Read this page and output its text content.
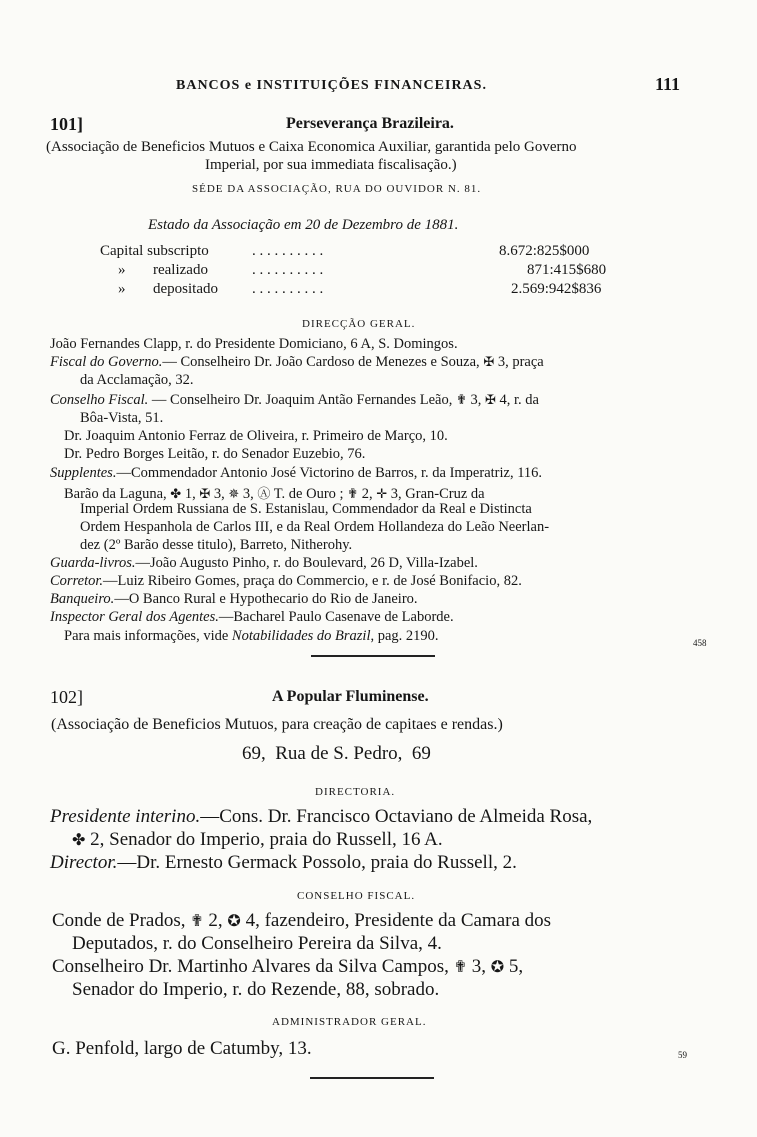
BANCOS e INSTITUIÇÕES FINANCEIRAS.	111
101]	Perseverança Brazileira.
(Associação de Beneficios Mutuos e Caixa Economica Auxiliar, garantida pelo Governo
Imperial, por sua immediata fiscalisação.)
SÉDE DA ASSOCIAÇÃO, RUA DO OUVIDOR N. 81.
Estado da Associação em 20 de Dezembro de 1881.
Capital subscripto	. . . . . . . . . .	8.672:825$000
» realizado	. . . . . . . . . .	871:415$680
» depositado . . . . . . . . . .	2.569:942$836
DIRECÇÃO GERAL.
João Fernandes Clapp, r. do Presidente Domiciano, 6 A, S. Domingos.
Fiscal do Governo.— Conselheiro Dr. João Cardoso de Menezes e Souza, ✠ 3, praça
da Acclamação, 32.
Conselho Fiscal. — Conselheiro Dr. Joaquim Antão Fernandes Leão, ✟ 3, ✠ 4, r. da
Bôa-Vista, 51.
Dr. Joaquim Antonio Ferraz de Oliveira, r. Primeiro de Março, 10.
Dr. Pedro Borges Leitão, r. do Senador Euzebio, 76.
Supplentes.—Commendador Antonio José Victorino de Barros, r. da Imperatriz, 116.
Barão da Laguna, ✤ 1, ✠ 3, ✵ 3, Ⓐ T. de Ouro ; ✟ 2, ✛ 3, Gran-Cruz da
Imperial Ordem Russiana de S. Estanislau, Commendador da Real e Distincta
Ordem Hespanhola de Carlos III, e da Real Ordem Hollandeza do Leão Neerlan-
dez (2º Barão desse titulo), Barreto, Nitherohy.
Guarda-livros.—João Augusto Pinho, r. do Boulevard, 26 D, Villa-Izabel.
Corretor.—Luiz Ribeiro Gomes, praça do Commercio, e r. de José Bonifacio, 82.
Banqueiro.—O Banco Rural e Hypothecario do Rio de Janeiro.
Inspector Geral dos Agentes.—Bacharel Paulo Casenave de Laborde.
Para mais informações, vide Notabilidades do Brazil, pag. 2190.	458
102]	A Popular Fluminense.
(Associação de Beneficios Mutuos, para creação de capitaes e rendas.)
69,  Rua de S. Pedro,  69
DIRECTORIA.
Presidente interino.—Cons. Dr. Francisco Octaviano de Almeida Rosa,
✤ 2, Senador do Imperio, praia do Russell, 16 A.
Director.—Dr. Ernesto Germack Possolo, praia do Russell, 2.
CONSELHO FISCAL.
Conde de Prados, ✟ 2, ✪ 4, fazendeiro, Presidente da Camara dos
Deputados, r. do Conselheiro Pereira da Silva, 4.
Conselheiro Dr. Martinho Alvares da Silva Campos, ✟ 3, ✪ 5,
Senador do Imperio, r. do Rezende, 88, sobrado.
ADMINISTRADOR GERAL.
G. Penfold, largo de Catumby, 13.	59
